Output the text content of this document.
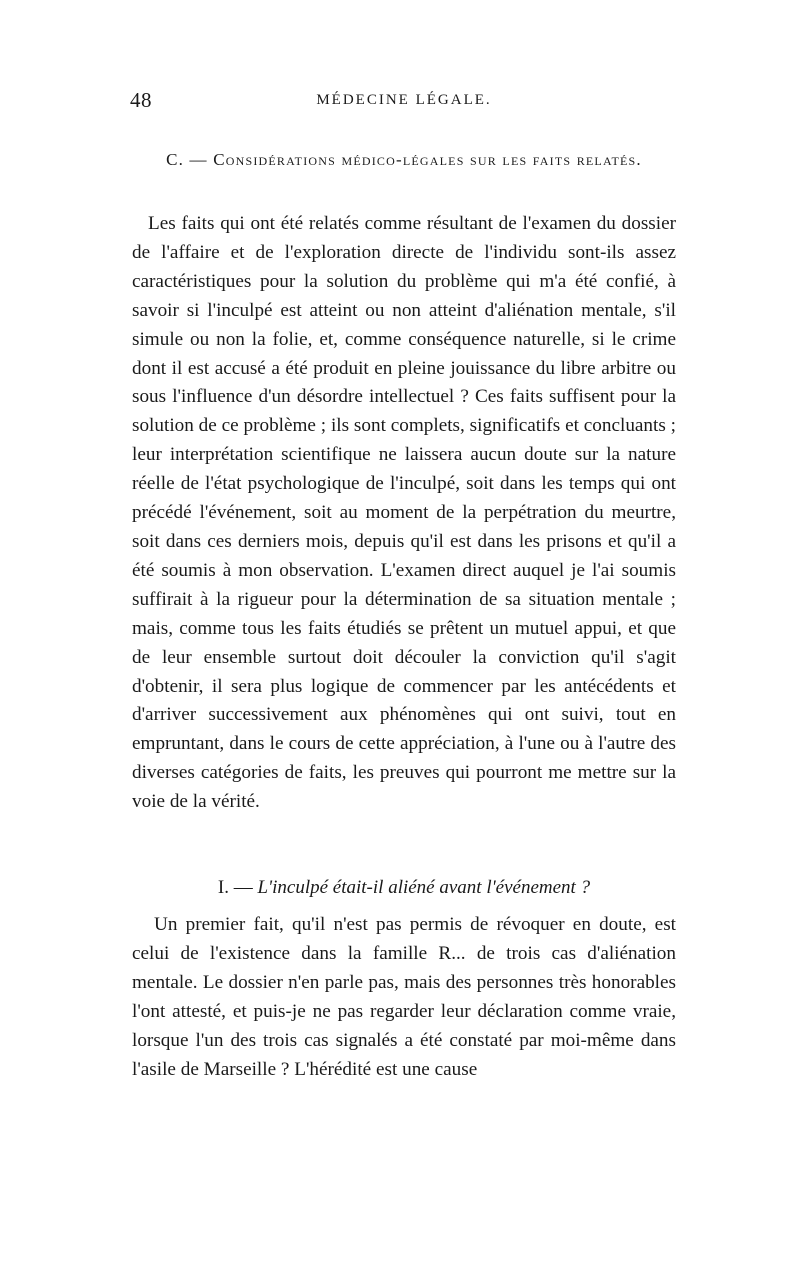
48	MÉDECINE LÉGALE.
C. — Considérations médico-légales sur les faits relatés.

Les faits qui ont été relatés comme résultant de l'examen du dossier de l'affaire et de l'exploration directe de l'individu sont-ils assez caractéristiques pour la solution du problème qui m'a été confié, à savoir si l'inculpé est atteint ou non atteint d'aliénation mentale, s'il simule ou non la folie, et, comme conséquence naturelle, si le crime dont il est accusé a été produit en pleine jouissance du libre arbitre ou sous l'influence d'un désordre intellectuel ? Ces faits suffisent pour la solution de ce problème ; ils sont complets, significatifs et concluants ; leur interprétation scientifique ne laissera aucun doute sur la nature réelle de l'état psychologique de l'inculpé, soit dans les temps qui ont précédé l'événement, soit au moment de la perpétration du meurtre, soit dans ces derniers mois, depuis qu'il est dans les prisons et qu'il a été soumis à mon observation. L'examen direct auquel je l'ai soumis suffirait à la rigueur pour la détermination de sa situation mentale ; mais, comme tous les faits étudiés se prêtent un mutuel appui, et que de leur ensemble surtout doit découler la conviction qu'il s'agit d'obtenir, il sera plus logique de commencer par les antécédents et d'arriver successivement aux phénomènes qui ont suivi, tout en empruntant, dans le cours de cette appréciation, à l'une ou à l'autre des diverses catégories de faits, les preuves qui pourront me mettre sur la voie de la vérité.

I. — L'inculpé était-il aliéné avant l'événement ?

Un premier fait, qu'il n'est pas permis de révoquer en doute, est celui de l'existence dans la famille R... de trois cas d'aliénation mentale. Le dossier n'en parle pas, mais des personnes très honorables l'ont attesté, et puis-je ne pas regarder leur déclaration comme vraie, lorsque l'un des trois cas signalés a été constaté par moi-même dans l'asile de Marseille ? L'hérédité est une cause
